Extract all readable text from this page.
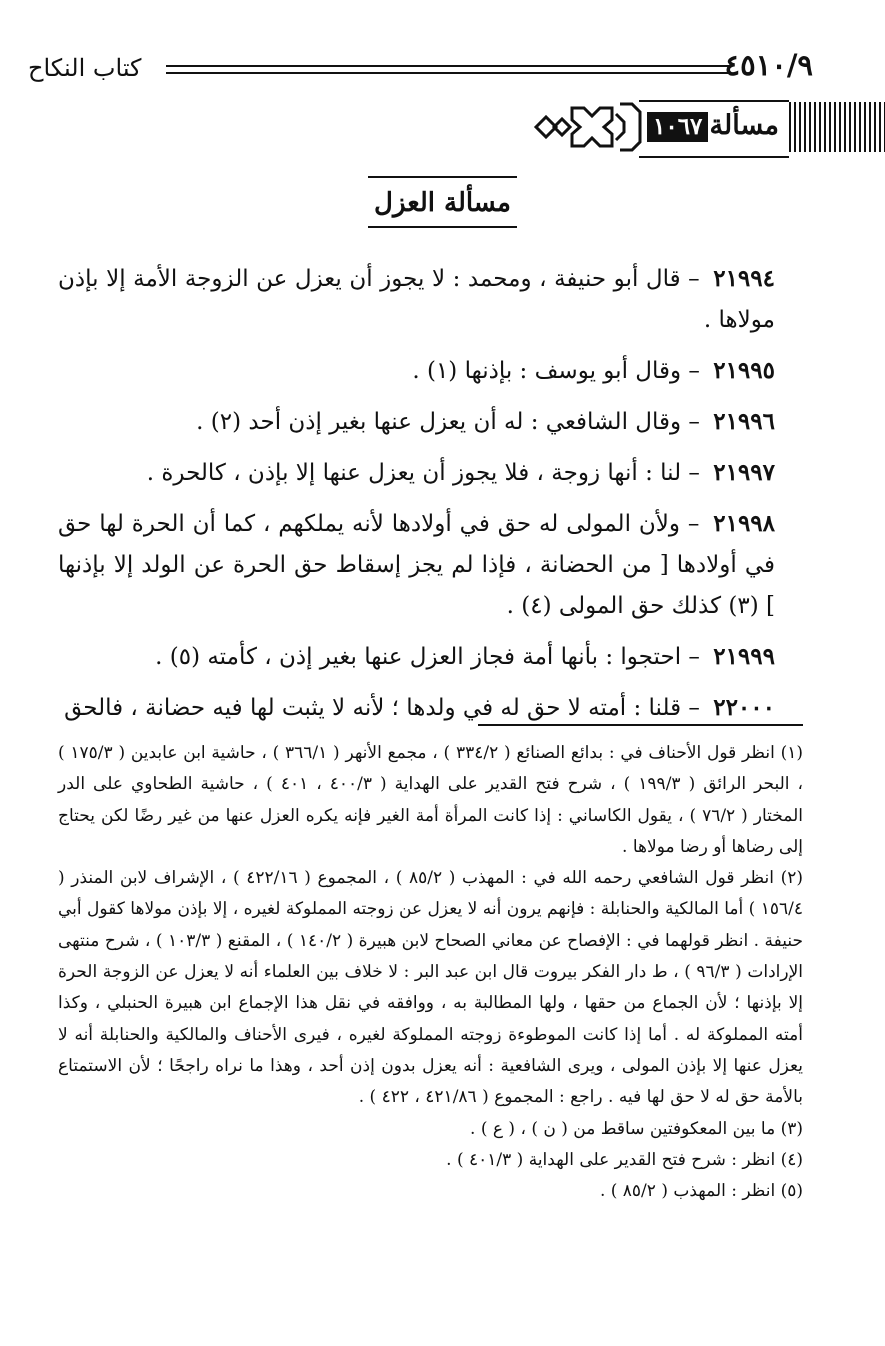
٤٥١٠/٩
كتاب النكاح
مسألة
١٠٦٧
مسألة العزل

٢١٩٩٤ – قال أبو حنيفة ، ومحمد : لا يجوز أن يعزل عن الزوجة الأمة إلا بإذن مولاها .

٢١٩٩٥ – وقال أبو يوسف : بإذنها (١) .

٢١٩٩٦ – وقال الشافعي : له أن يعزل عنها بغير إذن أحد (٢) .

٢١٩٩٧ – لنا : أنها زوجة ، فلا يجوز أن يعزل عنها إلا بإذن ، كالحرة .

٢١٩٩٨ – ولأن المولى له حق في أولادها لأنه يملكهم ، كما أن الحرة لها حق في أولادها [ من الحضانة ، فإذا لم يجز إسقاط حق الحرة عن الولد إلا بإذنها ] (٣) كذلك حق المولى (٤) .

٢١٩٩٩ – احتجوا : بأنها أمة فجاز العزل عنها بغير إذن ، كأمته (٥) .

٢٢٠٠٠ – قلنا : أمته لا حق له في ولدها ؛ لأنه لا يثبت لها فيه حضانة ، فالحق

(١) انظر قول الأحناف في : بدائع الصنائع ( ٣٣٤/٢ ) ، مجمع الأنهر ( ٣٦٦/١ ) ، حاشية ابن عابدين ( ١٧٥/٣ ) ، البحر الرائق ( ١٩٩/٣ ) ، شرح فتح القدير على الهداية ( ٤٠٠/٣ ، ٤٠١ ) ، حاشية الطحاوي على الدر المختار ( ٧٦/٢ ) ، يقول الكاساني : إذا كانت المرأة أمة الغير فإنه يكره العزل عنها من غير رضًا لكن يحتاج إلى رضاها أو رضا مولاها .

(٢) انظر قول الشافعي رحمه الله في : المهذب ( ٨٥/٢ ) ، المجموع ( ٤٢٢/١٦ ) ، الإشراف لابن المنذر ( ١٥٦/٤ ) أما المالكية والحنابلة : فإنهم يرون أنه لا يعزل عن زوجته المملوكة لغيره ، إلا بإذن مولاها كقول أبي حنيفة . انظر قولهما في : الإفصاح عن معاني الصحاح لابن هبيرة ( ١٤٠/٢ ) ، المقنع ( ١٠٣/٣ ) ، شرح منتهى الإرادات ( ٩٦/٣ ) ، ط دار الفكر بيروت قال ابن عبد البر : لا خلاف بين العلماء أنه لا يعزل عن الزوجة الحرة إلا بإذنها ؛ لأن الجماع من حقها ، ولها المطالبة به ، ووافقه في نقل هذا الإجماع ابن هبيرة الحنبلي ، وكذا أمته المملوكة له . أما إذا كانت الموطوءة زوجته المملوكة لغيره ، فيرى الأحناف والمالكية والحنابلة أنه لا يعزل عنها إلا بإذن المولى ، ويرى الشافعية : أنه يعزل بدون إذن أحد ، وهذا ما نراه راجحًا ؛ لأن الاستمتاع بالأمة حق له لا حق لها فيه . راجع : المجموع ( ٤٢١/٨٦ ، ٤٢٢ ) .

(٣) ما بين المعكوفتين ساقط من ( ن ) ، ( ع ) .

(٤) انظر : شرح فتح القدير على الهداية ( ٤٠١/٣ ) .

(٥) انظر : المهذب ( ٨٥/٢ ) .
